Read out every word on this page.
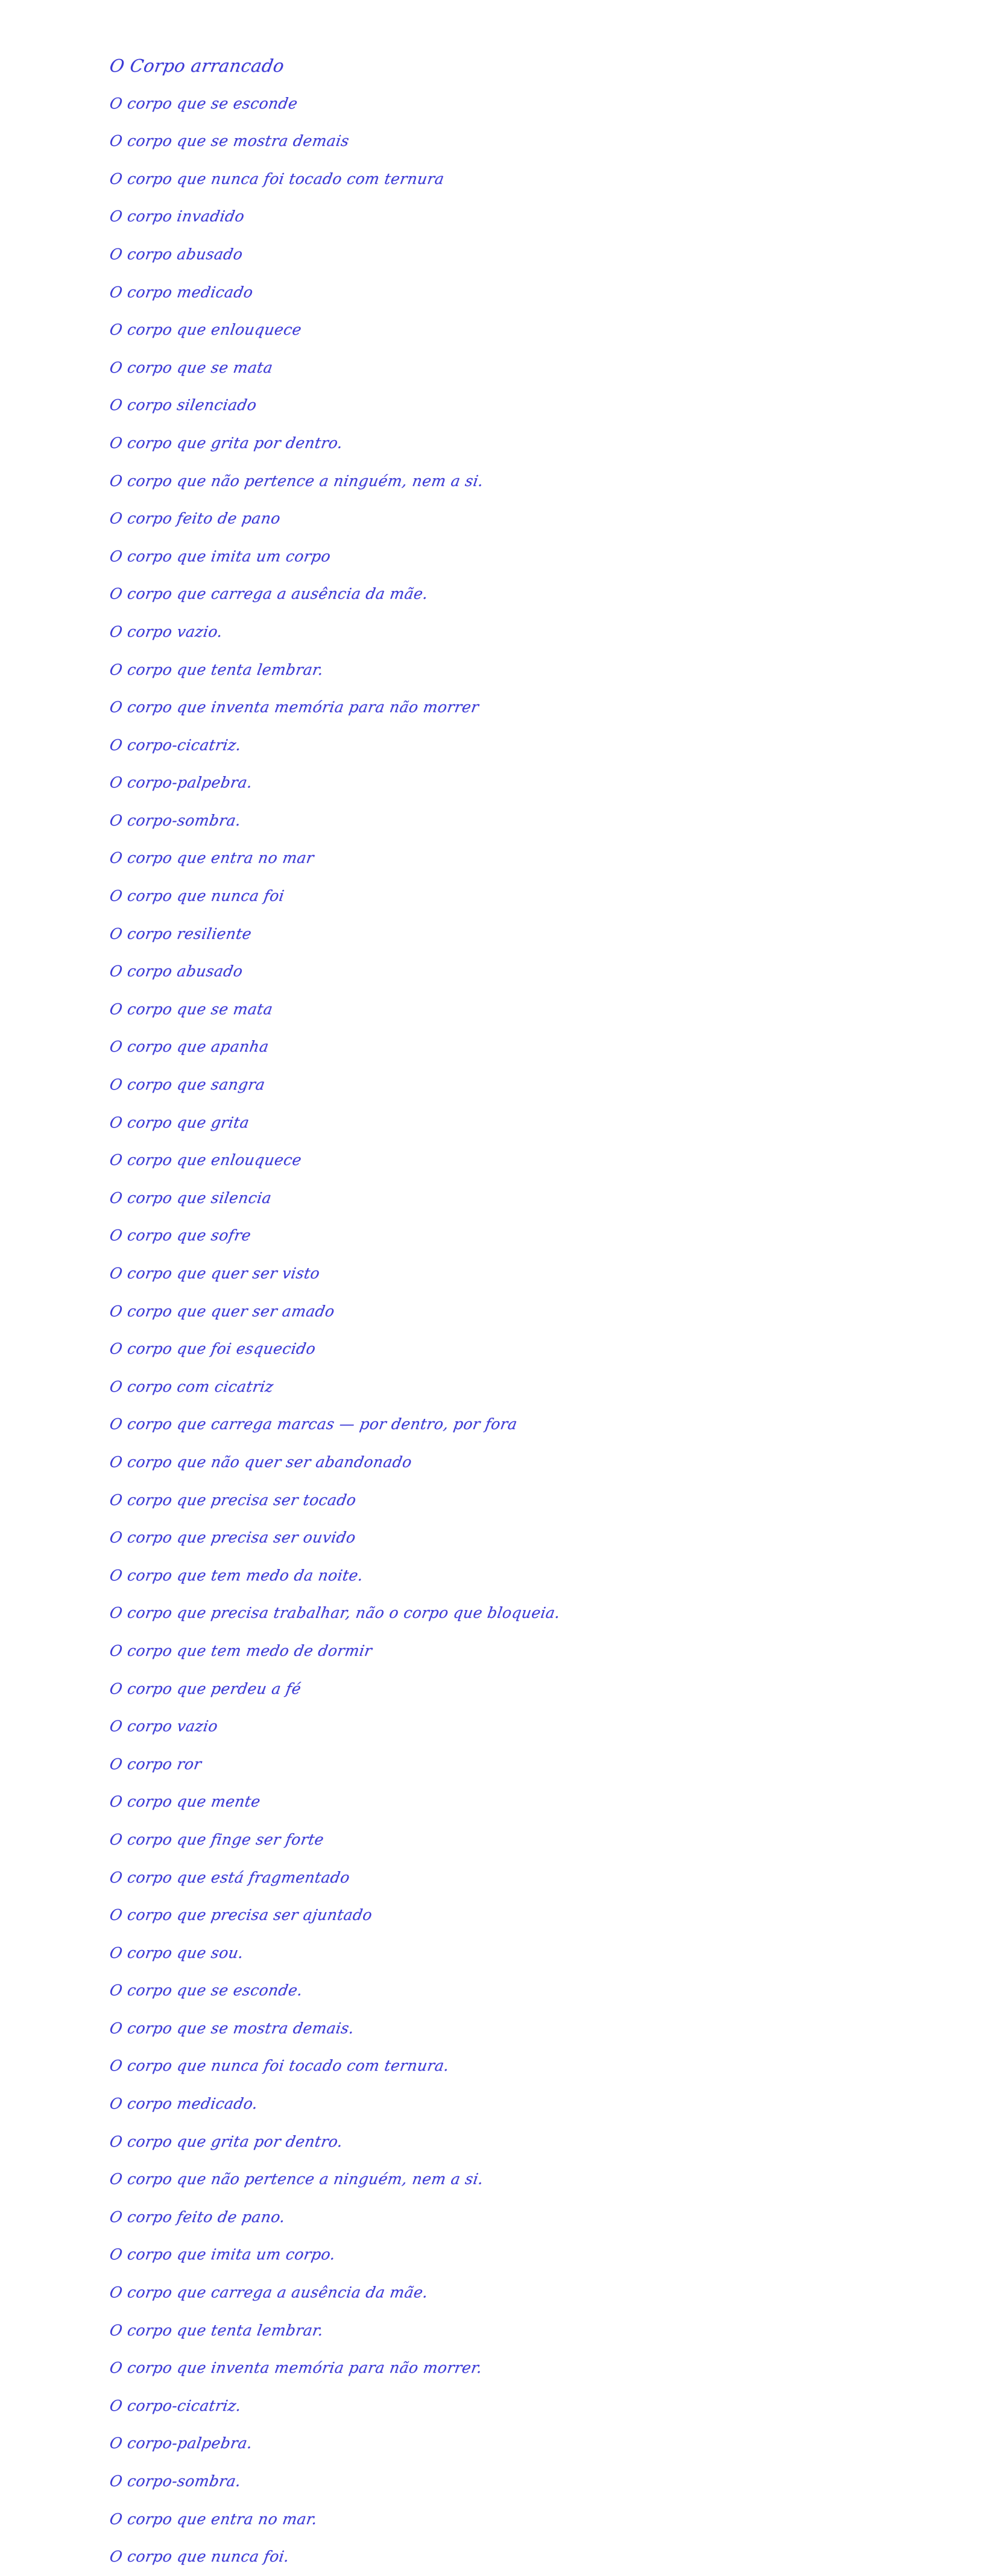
O Corpo arrancado
O corpo que se esconde
O corpo que se mostra demais
O corpo que nunca foi tocado com ternura
O corpo invadido
O corpo abusado
O corpo medicado
O corpo que enlouquece
O corpo que se mata
O corpo silenciado
O corpo que grita por dentro.
O corpo que não pertence a ninguém, nem a si.
O corpo feito de pano
O corpo que imita um corpo
O corpo que carrega a ausência da mãe.
O corpo vazio.
O corpo que tenta lembrar.
O corpo que inventa memória para não morrer
O corpo-cicatriz.
O corpo-palpebra.
O corpo-sombra.
O corpo que entra no mar
O corpo que nunca foi
O corpo resiliente
O corpo abusado
O corpo que se mata
O corpo que apanha
O corpo que sangra
O corpo que grita
O corpo que enlouquece
O corpo que silencia
O corpo que sofre
O corpo que quer ser visto
O corpo que quer ser amado
O corpo que foi esquecido
O corpo com cicatriz
O corpo que carrega marcas — por dentro, por fora
O corpo que não quer ser abandonado
O corpo que precisa ser tocado
O corpo que precisa ser ouvido
O corpo que tem medo da noite.
O corpo que precisa trabalhar, não o corpo que bloqueia.
O corpo que tem medo de dormir
O corpo que perdeu a fé
O corpo vazio
O corpo ror
O corpo que mente
O corpo que finge ser forte
O corpo que está fragmentado
O corpo que precisa ser ajuntado
O corpo que sou.
O corpo que se esconde.
O corpo que se mostra demais.
O corpo que nunca foi tocado com ternura.
O corpo medicado.
O corpo que grita por dentro.
O corpo que não pertence a ninguém, nem a si.
O corpo feito de pano.
O corpo que imita um corpo.
O corpo que carrega a ausência da mãe.
O corpo que tenta lembrar.
O corpo que inventa memória para não morrer.
O corpo-cicatriz.
O corpo-palpebra.
O corpo-sombra.
O corpo que entra no mar.
O corpo que nunca foi.
